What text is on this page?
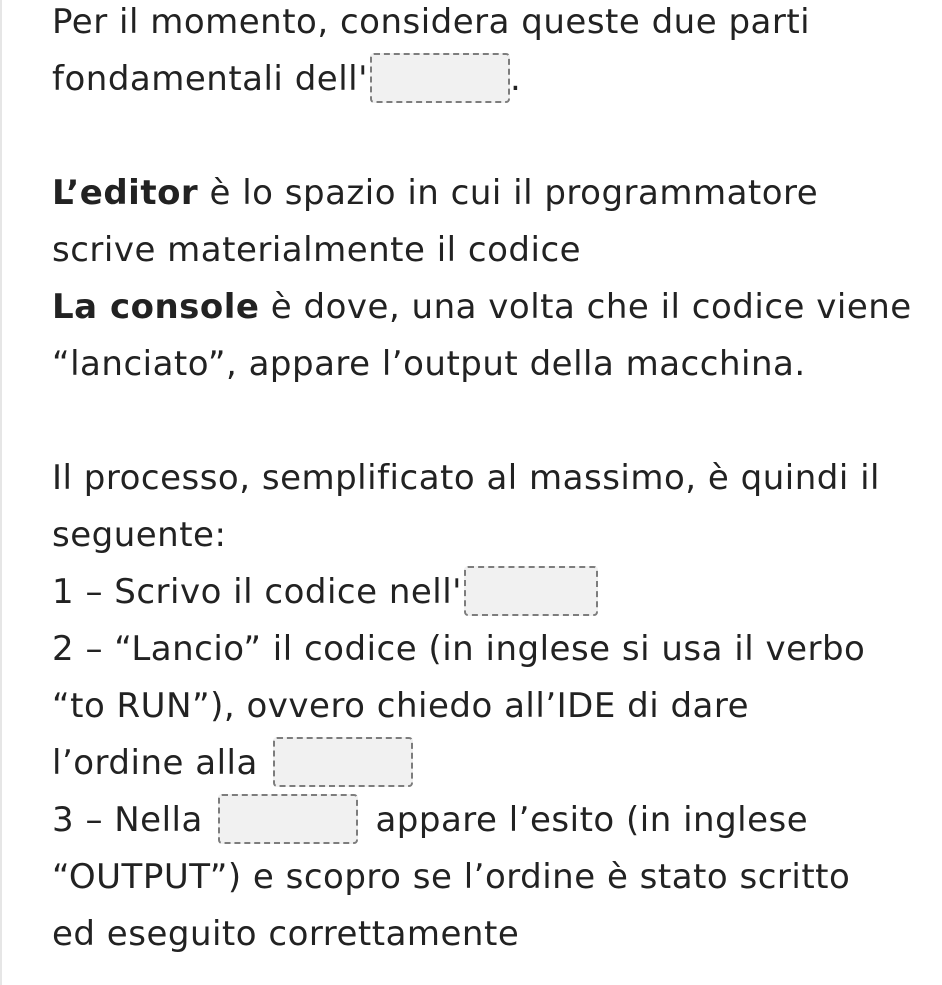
Per il momento, considera queste due parti
fondamentali dell'	.
L’editor è lo spazio in cui il programmatore
scrive materialmente il codice
La console è dove, una volta che il codice viene
“lanciato”, appare l’output della macchina.
Il processo, semplificato al massimo, è quindi il
seguente:
1 – Scrivo il codice nell'
2 – “Lancio” il codice (in inglese si usa il verbo
“to RUN”), ovvero chiedo all’IDE di dare
l’ordine alla
3 – Nella	appare l’esito (in inglese
“OUTPUT”) e scopro se l’ordine è stato scritto
ed eseguito correttamente
